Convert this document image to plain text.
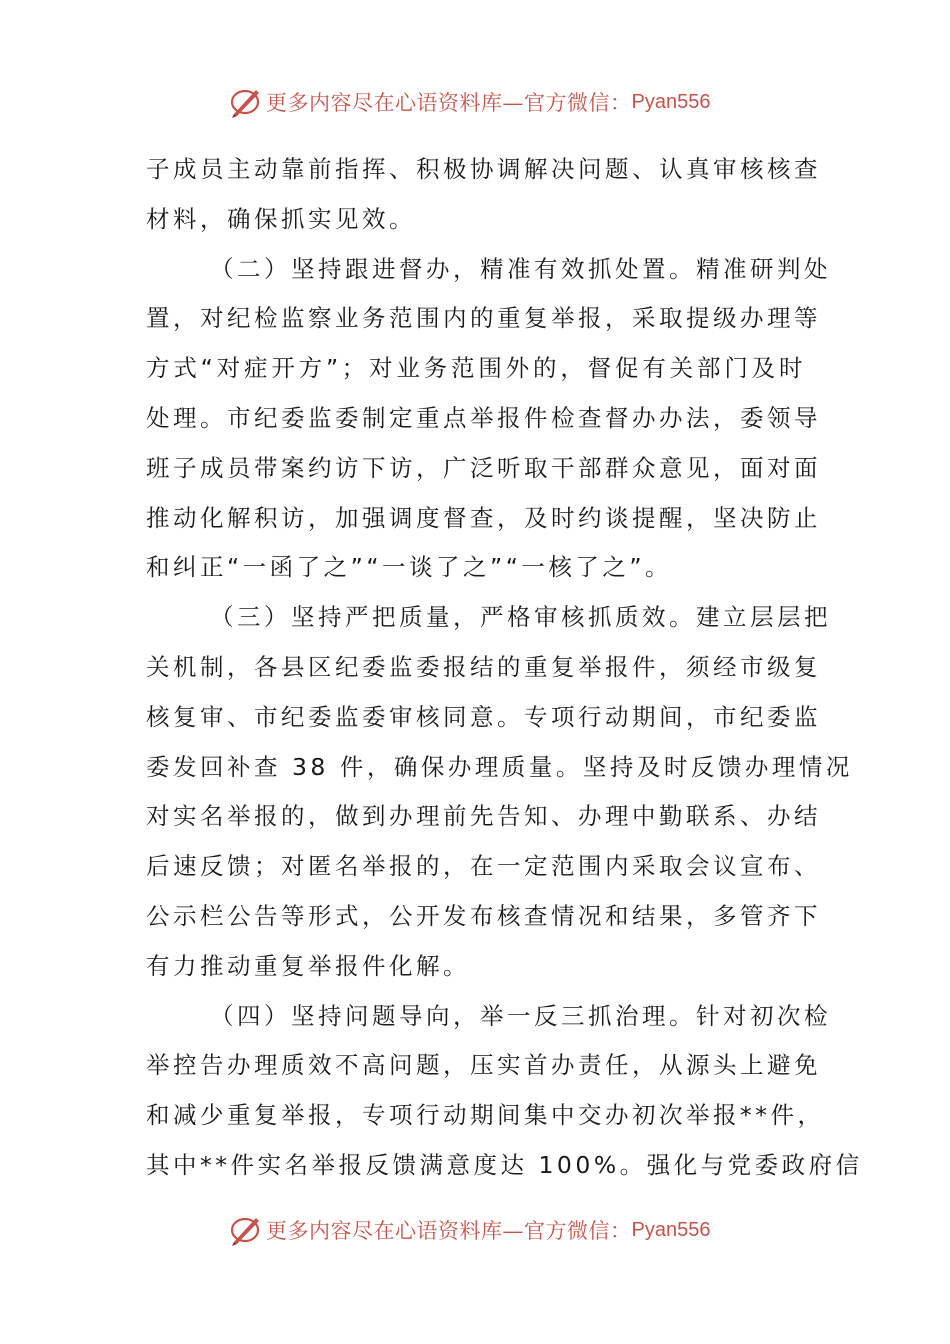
更多内容尽在心语资料库—官方微信： Pyan556
子成员主动靠前指挥、积极协调解决问题、认真审核核查
材料，确保抓实见效。
（二）坚持跟进督办，精准有效抓处置。精准研判处
置，对纪检监察业务范围内的重复举报，采取提级办理等
方式“对症开方”；对业务范围外的，督促有关部门及时
处理。市纪委监委制定重点举报件检查督办办法，委领导
班子成员带案约访下访，广泛听取干部群众意见，面对面
推动化解积访，加强调度督查，及时约谈提醒，坚决防止
和纠正“一函了之”“一谈了之”“一核了之”。
（三）坚持严把质量，严格审核抓质效。建立层层把
关机制，各县区纪委监委报结的重复举报件，须经市级复
核复审、市纪委监委审核同意。专项行动期间，市纪委监
委发回补查 38 件，确保办理质量。坚持及时反馈办理情况
对实名举报的，做到办理前先告知、办理中勤联系、办结
后速反馈；对匿名举报的，在一定范围内采取会议宣布、
公示栏公告等形式，公开发布核查情况和结果，多管齐下
有力推动重复举报件化解。
（四）坚持问题导向，举一反三抓治理。针对初次检
举控告办理质效不高问题，压实首办责任，从源头上避免
和减少重复举报，专项行动期间集中交办初次举报**件，
其中**件实名举报反馈满意度达 100%。强化与党委政府信
更多内容尽在心语资料库—官方微信： Pyan556
